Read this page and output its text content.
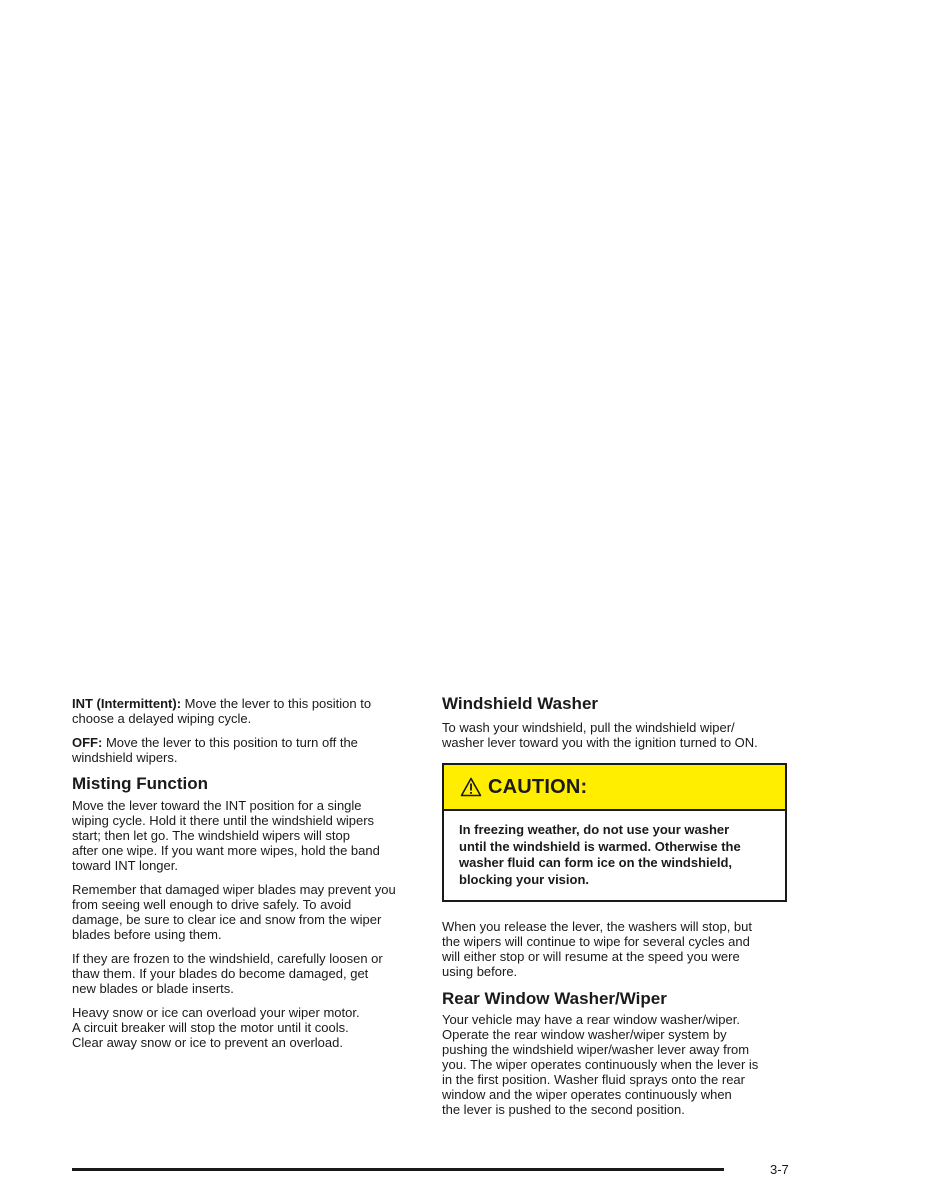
INT (Intermittent): Move the lever to this position to
choose a delayed wiping cycle.

OFF: Move the lever to this position to turn off the
windshield wipers.

Misting Function

Move the lever toward the INT position for a single
wiping cycle. Hold it there until the windshield wipers
start; then let go. The windshield wipers will stop
after one wipe. If you want more wipes, hold the band
toward INT longer.

Remember that damaged wiper blades may prevent you
from seeing well enough to drive safely. To avoid
damage, be sure to clear ice and snow from the wiper
blades before using them.

If they are frozen to the windshield, carefully loosen or
thaw them. If your blades do become damaged, get
new blades or blade inserts.

Heavy snow or ice can overload your wiper motor.
A circuit breaker will stop the motor until it cools.
Clear away snow or ice to prevent an overload.

Windshield Washer

To wash your windshield, pull the windshield wiper/
washer lever toward you with the ignition turned to ON.

CAUTION:
In freezing weather, do not use your washer
until the windshield is warmed. Otherwise the
washer fluid can form ice on the windshield,
blocking your vision.

When you release the lever, the washers will stop, but
the wipers will continue to wipe for several cycles and
will either stop or will resume at the speed you were
using before.

Rear Window Washer/Wiper

Your vehicle may have a rear window washer/wiper.
Operate the rear window washer/wiper system by
pushing the windshield wiper/washer lever away from
you. The wiper operates continuously when the lever is
in the first position. Washer fluid sprays onto the rear
window and the wiper operates continuously when
the lever is pushed to the second position.

3-7
